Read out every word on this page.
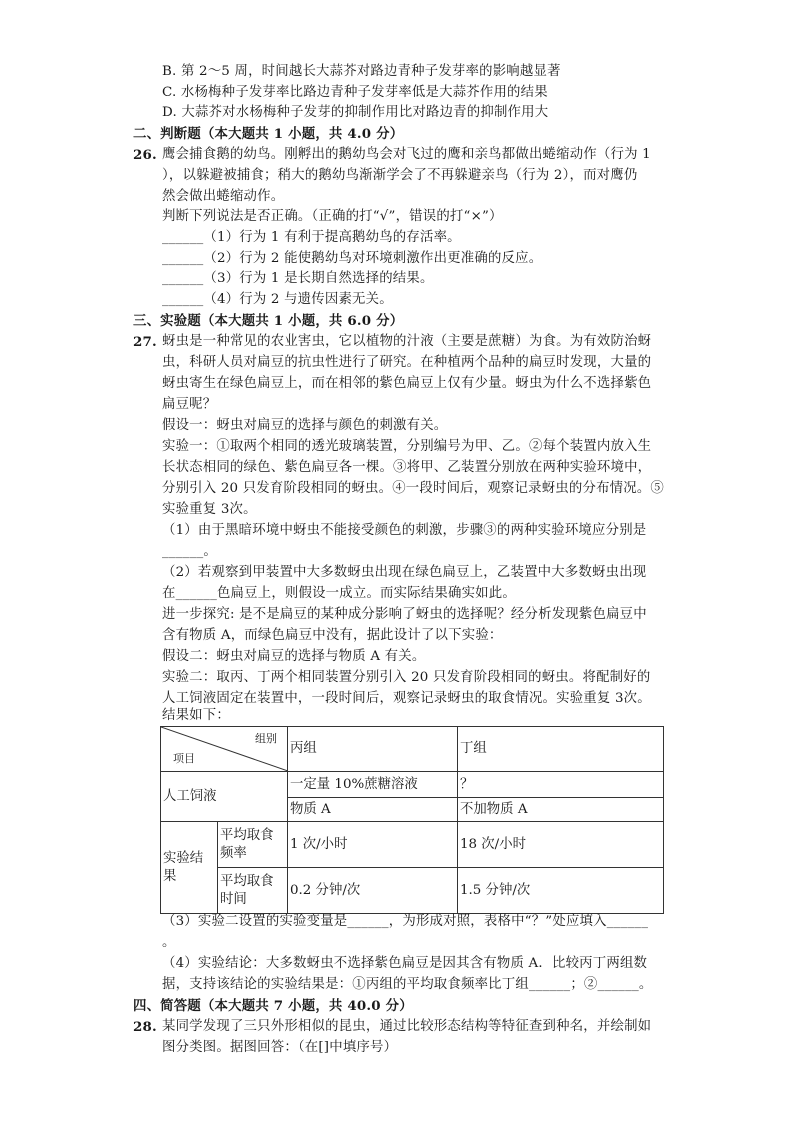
B. 第 2～5 周，时间越长大蒜芥对路边青种子发芽率的影响越显著
C. 水杨梅种子发芽率比路边青种子发芽率低是大蒜芥作用的结果
D. 大蒜芥对水杨梅种子发芽的抑制作用比对路边青的抑制作用大
二、判断题（本大题共 1 小题，共 4.0 分）
26. 鹰会捕食鹅的幼鸟。刚孵出的鹅幼鸟会对飞过的鹰和亲鸟都做出蜷缩动作（行为 1
），以躲避被捕食；稍大的鹅幼鸟渐渐学会了不再躲避亲鸟（行为 2），而对鹰仍
然会做出蜷缩动作。
判断下列说法是否正确。（正确的打“√”，错误的打“×”）
______（1）行为 1 有利于提高鹅幼鸟的存活率。
______（2）行为 2 能使鹅幼鸟对环境刺激作出更准确的反应。
______（3）行为 1 是长期自然选择的结果。
______（4）行为 2 与遗传因素无关。
三、实验题（本大题共 1 小题，共 6.0 分）
27. 蚜虫是一种常见的农业害虫，它以植物的汁液（主要是蔗糖）为食。为有效防治蚜
虫，科研人员对扁豆的抗虫性进行了研究。在种植两个品种的扁豆时发现，大量的
蚜虫寄生在绿色扁豆上，而在相邻的紫色扁豆上仅有少量。蚜虫为什么不选择紫色
扁豆呢？
假设一：蚜虫对扁豆的选择与颜色的刺激有关。
实验一：①取两个相同的透光玻璃装置，分别编号为甲、乙。②每个装置内放入生
长状态相同的绿色、紫色扁豆各一棵。③将甲、乙装置分别放在两种实验环境中，
分别引入 20 只发育阶段相同的蚜虫。④一段时间后，观察记录蚜虫的分布情况。⑤
实验重复 3次。
（1）由于黑暗环境中蚜虫不能接受颜色的刺激，步骤③的两种实验环境应分别是
______。
（2）若观察到甲装置中大多数蚜虫出现在绿色扁豆上，乙装置中大多数蚜虫出现
在______色扁豆上，则假设一成立。而实际结果确实如此。
进一步探究: 是不是扁豆的某种成分影响了蚜虫的选择呢？经分析发现紫色扁豆中
含有物质 A，而绿色扁豆中没有，据此设计了以下实验：
假设二：蚜虫对扁豆的选择与物质 A 有关。
实验二：取丙、丁两个相同装置分别引入 20 只发育阶段相同的蚜虫。将配制好的
人工饲液固定在装置中，一段时间后，观察记录蚜虫的取食情况。实验重复 3次。
结果如下：
组别
项目		丙组	丁组
人工饲液		一定量 10%蔗糖溶液	？
		物质 A	不加物质 A
实验结果	平均取食频率	1 次/小时	18 次/小时
	平均取食时间	0.2 分钟/次	1.5 分钟/次
（3）实验二设置的实验变量是______，为形成对照，表格中“？”处应填入______
。
（4）实验结论：大多数蚜虫不选择紫色扁豆是因其含有物质 A．比较丙丁两组数
据，支持该结论的实验结果是：①丙组的平均取食频率比丁组______；②______。
四、简答题（本大题共 7 小题，共 40.0 分）
28. 某同学发现了三只外形相似的昆虫，通过比较形态结构等特征查到种名，并绘制如
图分类图。据图回答：（在[]中填序号）
